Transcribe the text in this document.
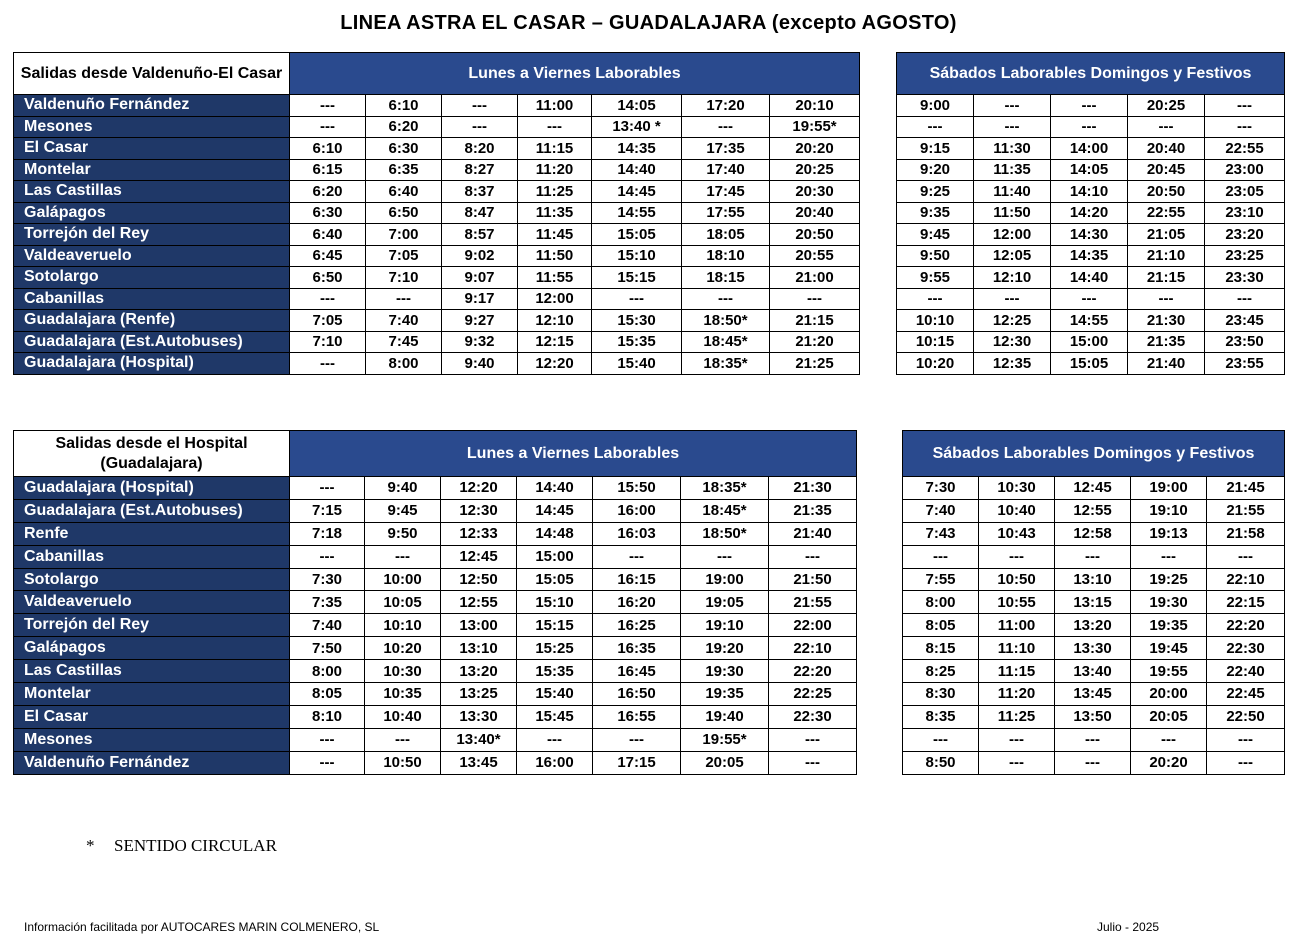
LINEA ASTRA EL CASAR – GUADALAJARA (excepto AGOSTO)
Salidas desde Valdenuño-El Casar	Lunes a Viernes Laborables						
Valdenuño Fernández	---	6:10	---	11:00	14:05	17:20	20:10
Mesones	---	6:20	---	---	13:40 *	---	19:55*
El Casar	6:10	6:30	8:20	11:15	14:35	17:35	20:20
Montelar	6:15	6:35	8:27	11:20	14:40	17:40	20:25
Las Castillas	6:20	6:40	8:37	11:25	14:45	17:45	20:30
Galápagos	6:30	6:50	8:47	11:35	14:55	17:55	20:40
Torrejón del Rey	6:40	7:00	8:57	11:45	15:05	18:05	20:50
Valdeaveruelo	6:45	7:05	9:02	11:50	15:10	18:10	20:55
Sotolargo	6:50	7:10	9:07	11:55	15:15	18:15	21:00
Cabanillas	---	---	9:17	12:00	---	---	---
Guadalajara (Renfe)	7:05	7:40	9:27	12:10	15:30	18:50*	21:15
Guadalajara (Est.Autobuses)	7:10	7:45	9:32	12:15	15:35	18:45*	21:20
Guadalajara (Hospital)	---	8:00	9:40	12:20	15:40	18:35*	21:25
Sábados Laborables Domingos y Festivos				
9:00	---	---	20:25	---
---	---	---	---	---
9:15	11:30	14:00	20:40	22:55
9:20	11:35	14:05	20:45	23:00
9:25	11:40	14:10	20:50	23:05
9:35	11:50	14:20	22:55	23:10
9:45	12:00	14:30	21:05	23:20
9:50	12:05	14:35	21:10	23:25
9:55	12:10	14:40	21:15	23:30
---	---	---	---	---
10:10	12:25	14:55	21:30	23:45
10:15	12:30	15:00	21:35	23:50
10:20	12:35	15:05	21:40	23:55
Salidas desde el Hospital (Guadalajara)	Lunes a Viernes Laborables						
Guadalajara (Hospital)	---	9:40	12:20	14:40	15:50	18:35*	21:30
Guadalajara (Est.Autobuses)	7:15	9:45	12:30	14:45	16:00	18:45*	21:35
Renfe	7:18	9:50	12:33	14:48	16:03	18:50*	21:40
Cabanillas	---	---	12:45	15:00	---	---	---
Sotolargo	7:30	10:00	12:50	15:05	16:15	19:00	21:50
Valdeaveruelo	7:35	10:05	12:55	15:10	16:20	19:05	21:55
Torrejón del Rey	7:40	10:10	13:00	15:15	16:25	19:10	22:00
Galápagos	7:50	10:20	13:10	15:25	16:35	19:20	22:10
Las Castillas	8:00	10:30	13:20	15:35	16:45	19:30	22:20
Montelar	8:05	10:35	13:25	15:40	16:50	19:35	22:25
El Casar	8:10	10:40	13:30	15:45	16:55	19:40	22:30
Mesones	---	---	13:40*	---	---	19:55*	---
Valdenuño Fernández	---	10:50	13:45	16:00	17:15	20:05	---
Sábados Laborables Domingos y Festivos				
7:30	10:30	12:45	19:00	21:45
7:40	10:40	12:55	19:10	21:55
7:43	10:43	12:58	19:13	21:58
---	---	---	---	---
7:55	10:50	13:10	19:25	22:10
8:00	10:55	13:15	19:30	22:15
8:05	11:00	13:20	19:35	22:20
8:15	11:10	13:30	19:45	22:30
8:25	11:15	13:40	19:55	22:40
8:30	11:20	13:45	20:00	22:45
8:35	11:25	13:50	20:05	22:50
---	---	---	---	---
8:50	---	---	20:20	---
* SENTIDO CIRCULAR
Información facilitada por AUTOCARES MARIN COLMENERO, SL	Julio - 2025
